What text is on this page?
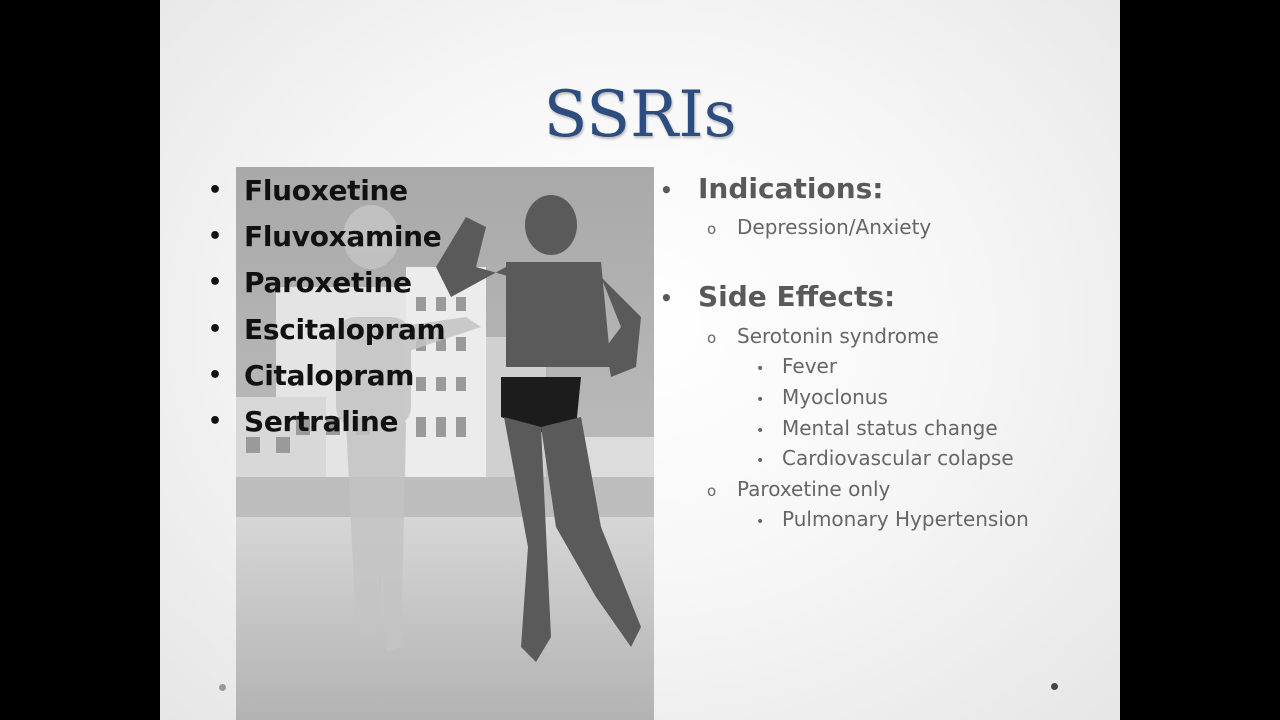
SSRIs
• Fluoxetine
• Fluvoxamine
• Paroxetine
• Escitalopram
• Citalopram
• Sertraline
• Indications:
o Depression/Anxiety
• Side Effects:
o Serotonin syndrome
• Fever
• Myoclonus
• Mental status change
• Cardiovascular colapse
o Paroxetine only
• Pulmonary Hypertension
